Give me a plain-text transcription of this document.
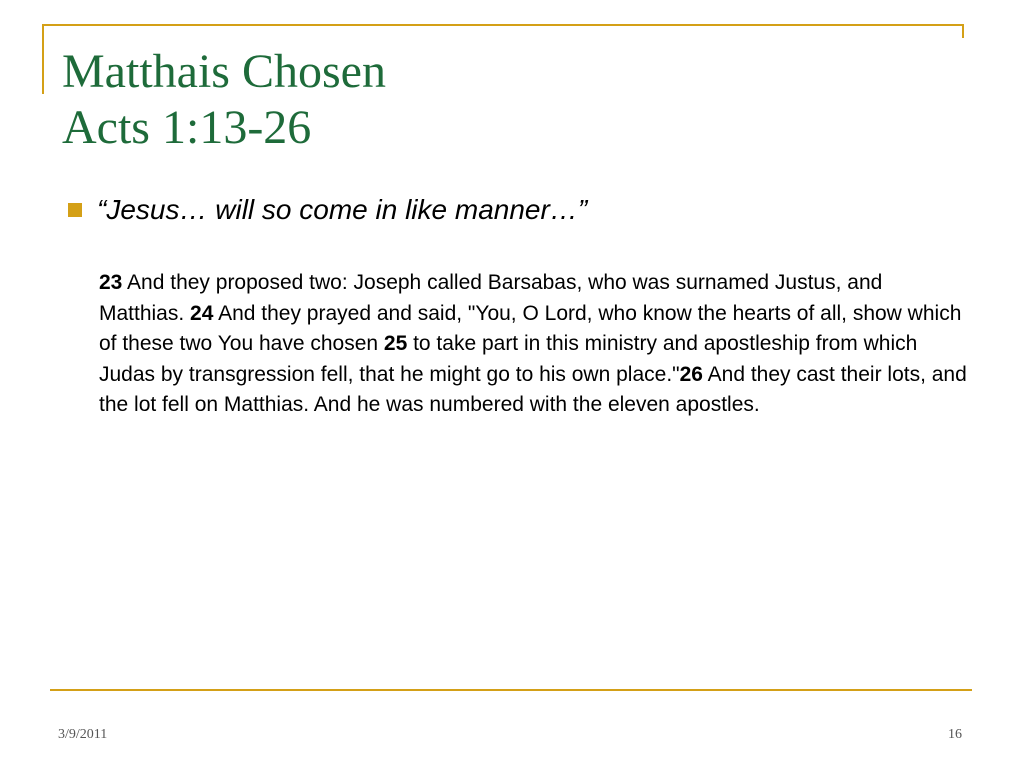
Matthais Chosen
Acts 1:13-26
“Jesus… will so come in like manner…”

23 And they proposed two: Joseph called Barsabas, who was surnamed Justus, and Matthias. 24 And they prayed and said, "You, O Lord, who know the hearts of all, show which of these two You have chosen 25 to take part in this ministry and apostleship from which Judas by transgression fell, that he might go to his own place."26 And they cast their lots, and the lot fell on Matthias. And he was numbered with the eleven apostles.

3/9/2011	16
